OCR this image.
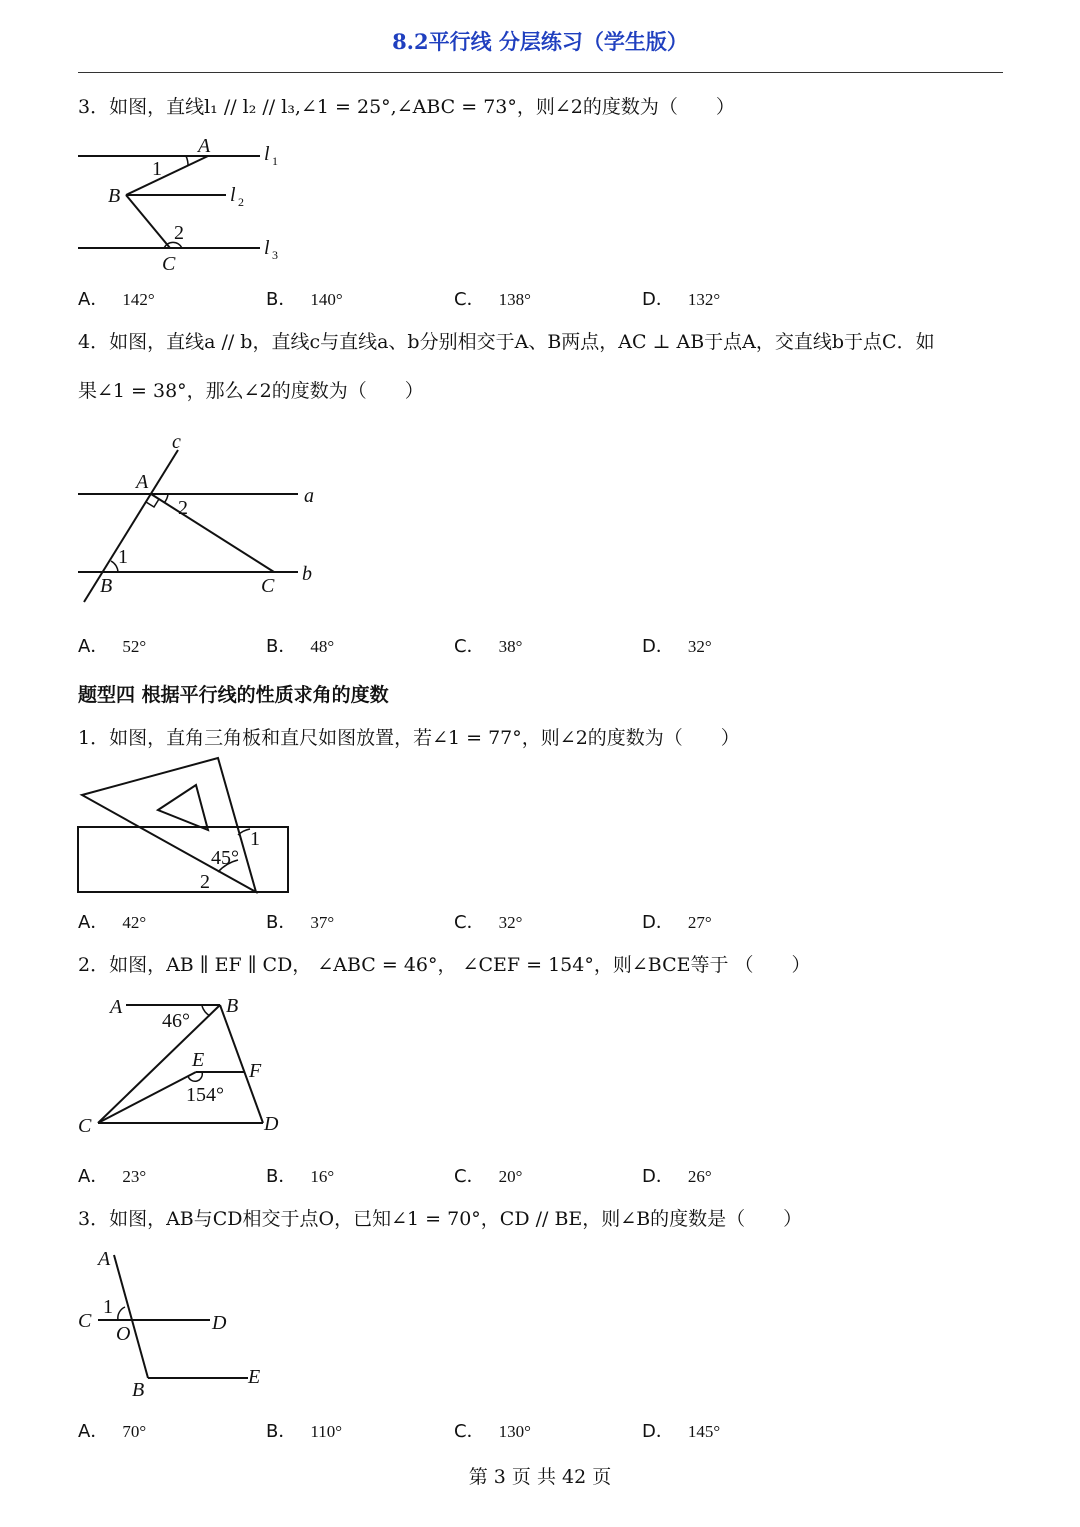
8.2平行线 分层练习（学生版）
3．如图，直线l₁ // l₂ // l₃,∠1 = 25°,∠ABC = 73°，则∠2的度数为（　　）
A
1
B
2
C
l 1
l 2
l 3
A． 142°	B． 140°	C． 138°	D． 132°
4．如图，直线a // b，直线c与直线a、b分别相交于A、B两点，AC ⊥ AB于点A，交直线b于点C．如
果∠1 = 38°，那么∠2的度数为（　　）
c
a
b
A
2
1
B	C
A． 52°	B． 48°	C． 38°	D． 32°
题型四 根据平行线的性质求角的度数
1．如图，直角三角板和直尺如图放置，若∠1 = 77°，则∠2的度数为（　　）
1
45°
2
A． 42°	B． 37°	C． 32°	D． 27°
2．如图，AB ∥ EF ∥ CD， ∠ABC = 46°， ∠CEF = 154°，则∠BCE等于 （　　）
A	B
46°
E F
154°
C	D
A． 23°	B． 16°	C． 20°	D． 26°
3．如图，AB与CD相交于点O，已知∠1 = 70°，CD // BE，则∠B的度数是（　　）
A
1
C
O	D
B
E
A． 70°	B． 110°	C． 130°	D． 145°
第 3 页 共 42 页
